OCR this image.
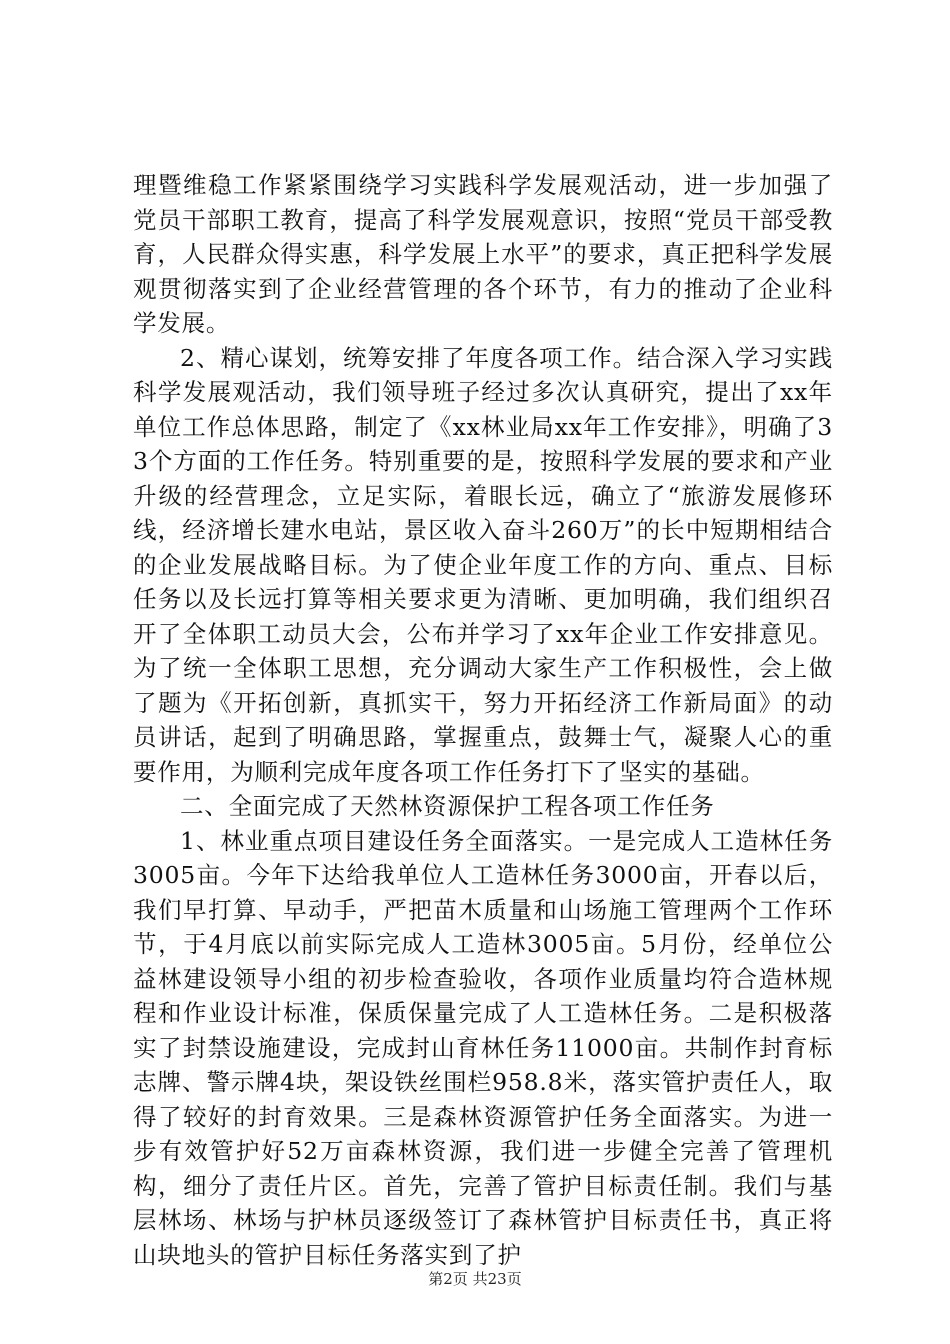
理暨维稳工作紧紧围绕学习实践科学发展观活动，进一步加强了党员干部职工教育，提高了科学发展观意识，按照“党员干部受教育，人民群众得实惠，科学发展上水平”的要求，真正把科学发展观贯彻落实到了企业经营管理的各个环节，有力的推动了企业科学发展。

2、精心谋划，统筹安排了年度各项工作。结合深入学习实践科学发展观活动，我们领导班子经过多次认真研究，提出了xx年单位工作总体思路，制定了《xx林业局xx年工作安排》，明确了33个方面的工作任务。特别重要的是，按照科学发展的要求和产业升级的经营理念，立足实际，着眼长远，确立了“旅游发展修环线，经济增长建水电站，景区收入奋斗260万”的长中短期相结合的企业发展战略目标。为了使企业年度工作的方向、重点、目标任务以及长远打算等相关要求更为清晰、更加明确，我们组织召开了全体职工动员大会，公布并学习了xx年企业工作安排意见。为了统一全体职工思想，充分调动大家生产工作积极性，会上做了题为《开拓创新，真抓实干，努力开拓经济工作新局面》的动员讲话，起到了明确思路，掌握重点，鼓舞士气，凝聚人心的重要作用，为顺利完成年度各项工作任务打下了坚实的基础。

二、全面完成了天然林资源保护工程各项工作任务

1、林业重点项目建设任务全面落实。一是完成人工造林任务3005亩。今年下达给我单位人工造林任务3000亩，开春以后，我们早打算、早动手，严把苗木质量和山场施工管理两个工作环节，于4月底以前实际完成人工造林3005亩。5月份，经单位公益林建设领导小组的初步检查验收，各项作业质量均符合造林规程和作业设计标准，保质保量完成了人工造林任务。二是积极落实了封禁设施建设，完成封山育林任务11000亩。共制作封育标志牌、警示牌4块，架设铁丝围栏958.8米，落实管护责任人，取得了较好的封育效果。三是森林资源管护任务全面落实。为进一步有效管护好52万亩森林资源，我们进一步健全完善了管理机构，细分了责任片区。首先，完善了管护目标责任制。我们与基层林场、林场与护林员逐级签订了森林管护目标责任书，真正将山块地头的管护目标任务落实到了护

第2页 共23页
